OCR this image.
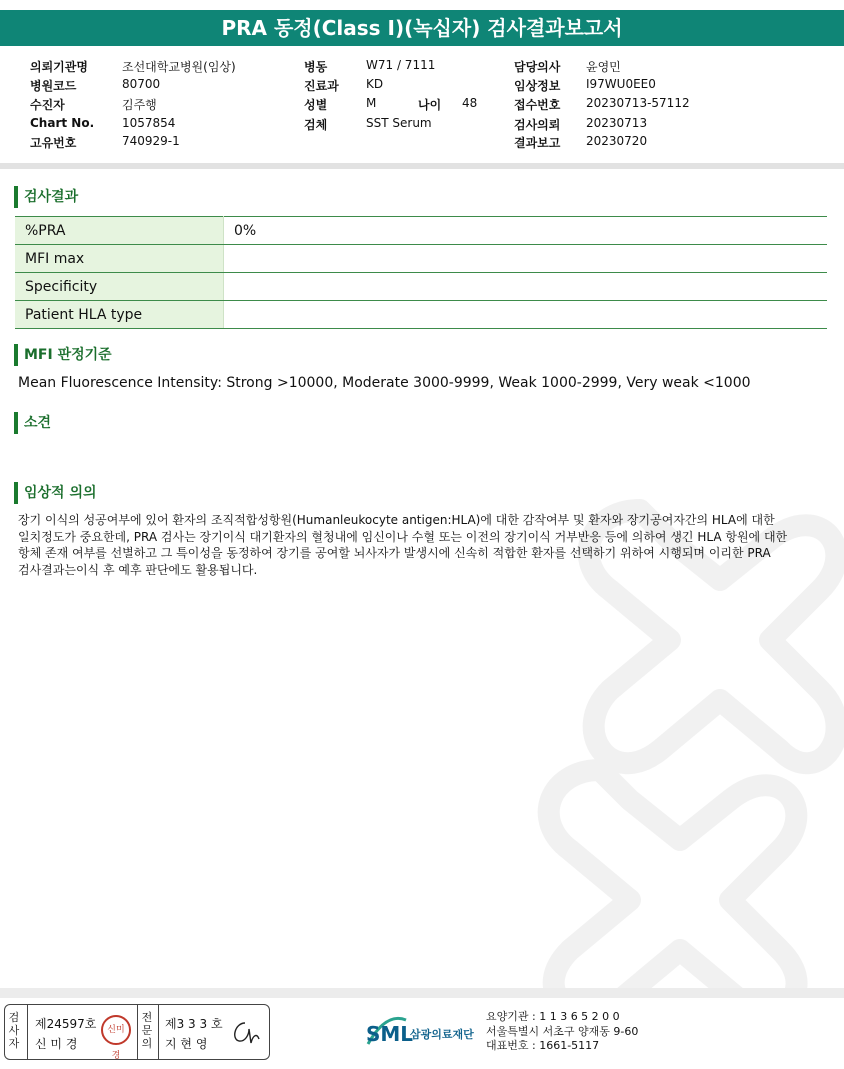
PRA 동정(Class I)(녹십자) 검사결과보고서
의뢰기관명	조선대학교병원(임상)
병원코드	80700
수진자	김주행
Chart No. 1057854
고유번호	740929-1
병동	W71 / 7111
진료과 KD
성별	M	나이 48
검체	SST Serum
담당의사 윤영민
임상정보 I97WU0EE0
접수번호 20230713-57112
검사의뢰 20230713
결과보고 20230720
검사결과
%PRA	0%
MFI max	
Specificity	
Patient HLA type	
MFI 판정기준
Mean Fluorescence Intensity: Strong >10000, Moderate 3000-9999, Weak 1000-2999, Very weak <1000
소견
임상적 의의
장기 이식의 성공여부에 있어 환자의 조직적합성항원(Humanleukocyte antigen:HLA)에 대한 감작여부 및 환자와 장기공여자간의 HLA에 대한
일치정도가 중요한데, PRA 검사는 장기이식 대기환자의 혈청내에 임신이나 수혈 또는 이전의 장기이식 거부반응 등에 의하여 생긴 HLA 항원에 대한
항체 존재 여부를 선별하고 그 특이성을 동정하여 장기를 공여할 뇌사자가 발생시에 신속히 적합한 환자를 선택하기 위하여 시행되며 이리한 PRA
검사결과는이식 후 예후 판단에도 활용됩니다.
검사자
제24597호
신 미 경
신미경
전문의
제3 3 3 호
지 현 영	SML
삼광의료재단
요양기관 : 1 1 3 6 5 2 0 0
서울특별시 서초구 양재동 9-60
대표번호 : 1661-5117
